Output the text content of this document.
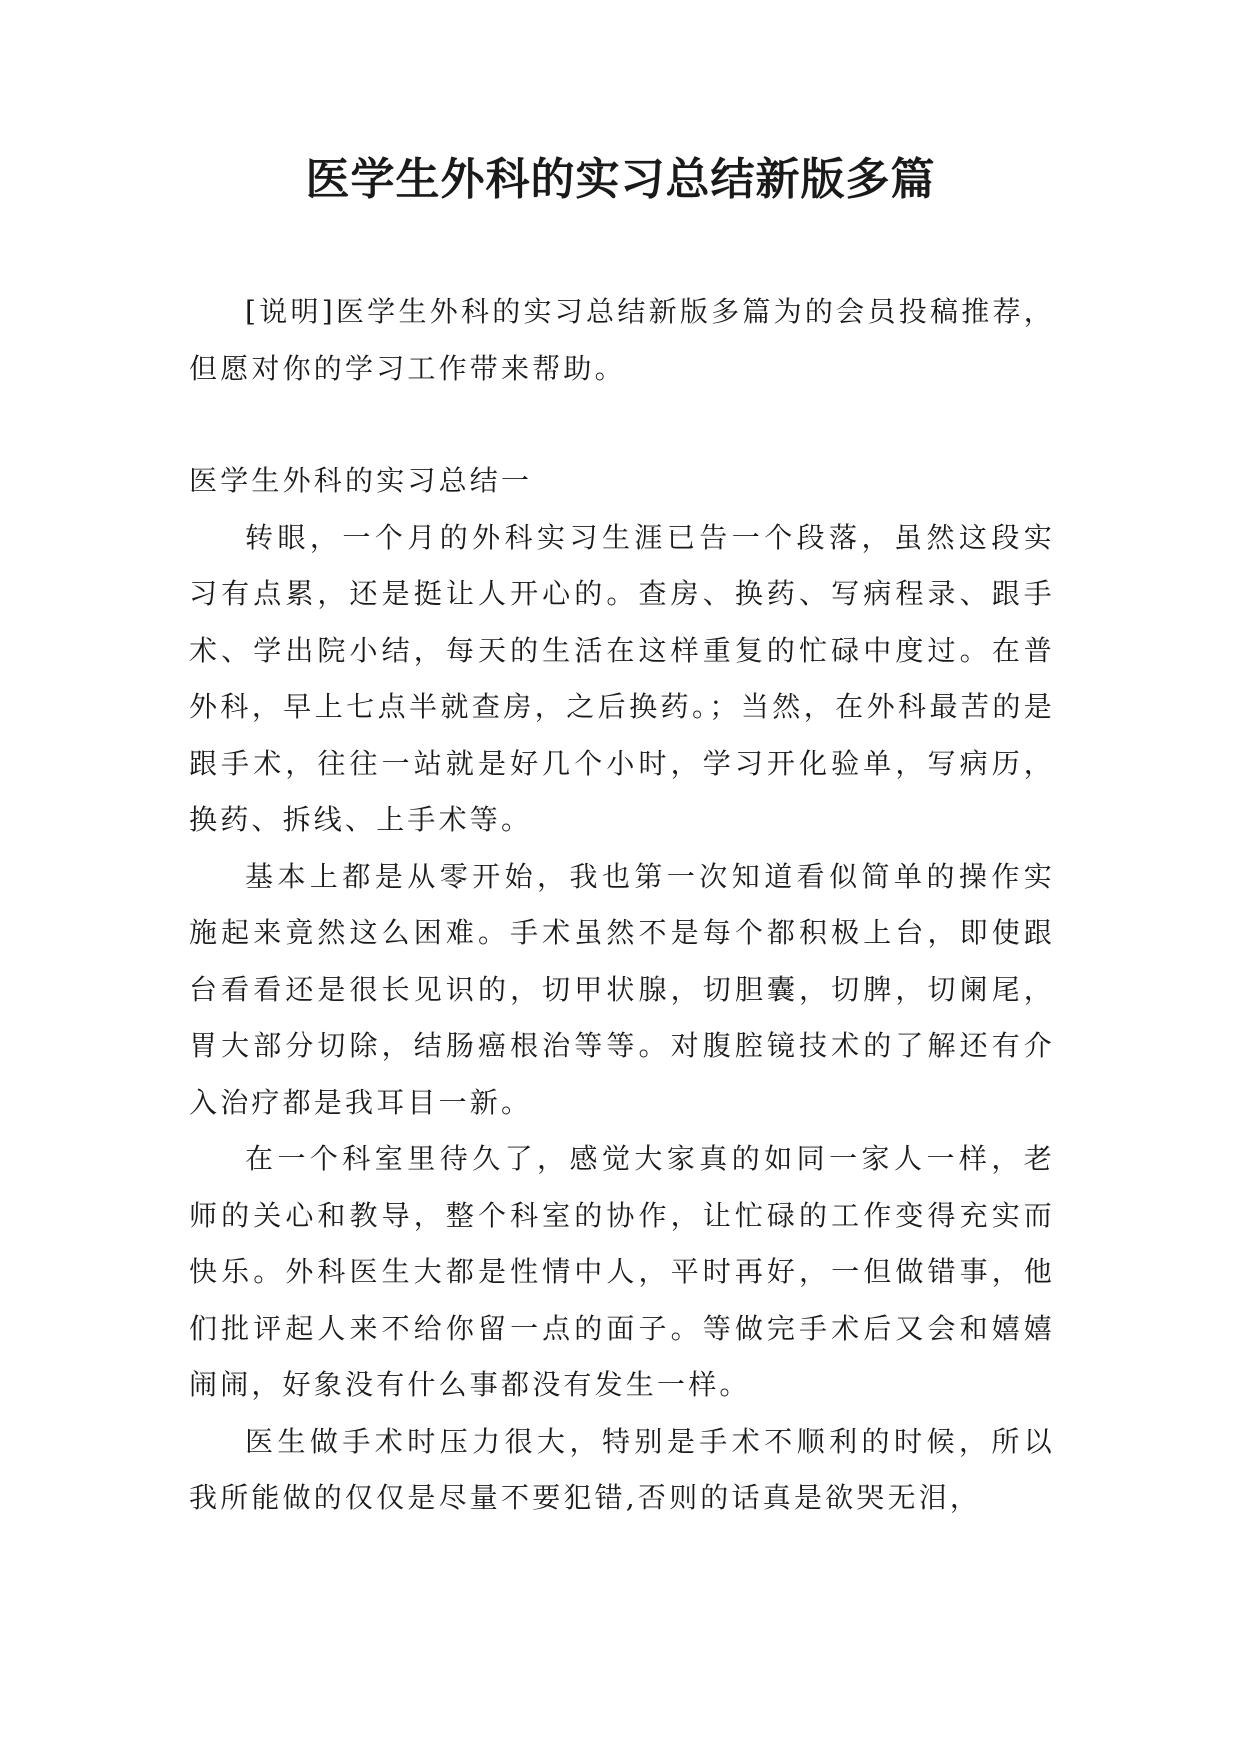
医学生外科的实习总结新版多篇

[说明]医学生外科的实习总结新版多篇为的会员投稿推荐，但愿对你的学习工作带来帮助。

医学生外科的实习总结一

转眼，一个月的外科实习生涯已告一个段落，虽然这段实习有点累，还是挺让人开心的。查房、换药、写病程录、跟手术、学出院小结，每天的生活在这样重复的忙碌中度过。在普外科，早上七点半就查房，之后换药。；当然，在外科最苦的是跟手术，往往一站就是好几个小时，学习开化验单，写病历，换药、拆线、上手术等。

基本上都是从零开始，我也第一次知道看似简单的操作实施起来竟然这么困难。手术虽然不是每个都积极上台，即使跟台看看还是很长见识的，切甲状腺，切胆囊，切脾，切阑尾，胃大部分切除，结肠癌根治等等。对腹腔镜技术的了解还有介入治疗都是我耳目一新。

在一个科室里待久了，感觉大家真的如同一家人一样，老师的关心和教导，整个科室的协作，让忙碌的工作变得充实而快乐。外科医生大都是性情中人，平时再好，一但做错事，他们批评起人来不给你留一点的面子。等做完手术后又会和嬉嬉闹闹，好象没有什么事都没有发生一样。

医生做手术时压力很大，特别是手术不顺利的时候，所以我所能做的仅仅是尽量不要犯错,否则的话真是欲哭无泪，
